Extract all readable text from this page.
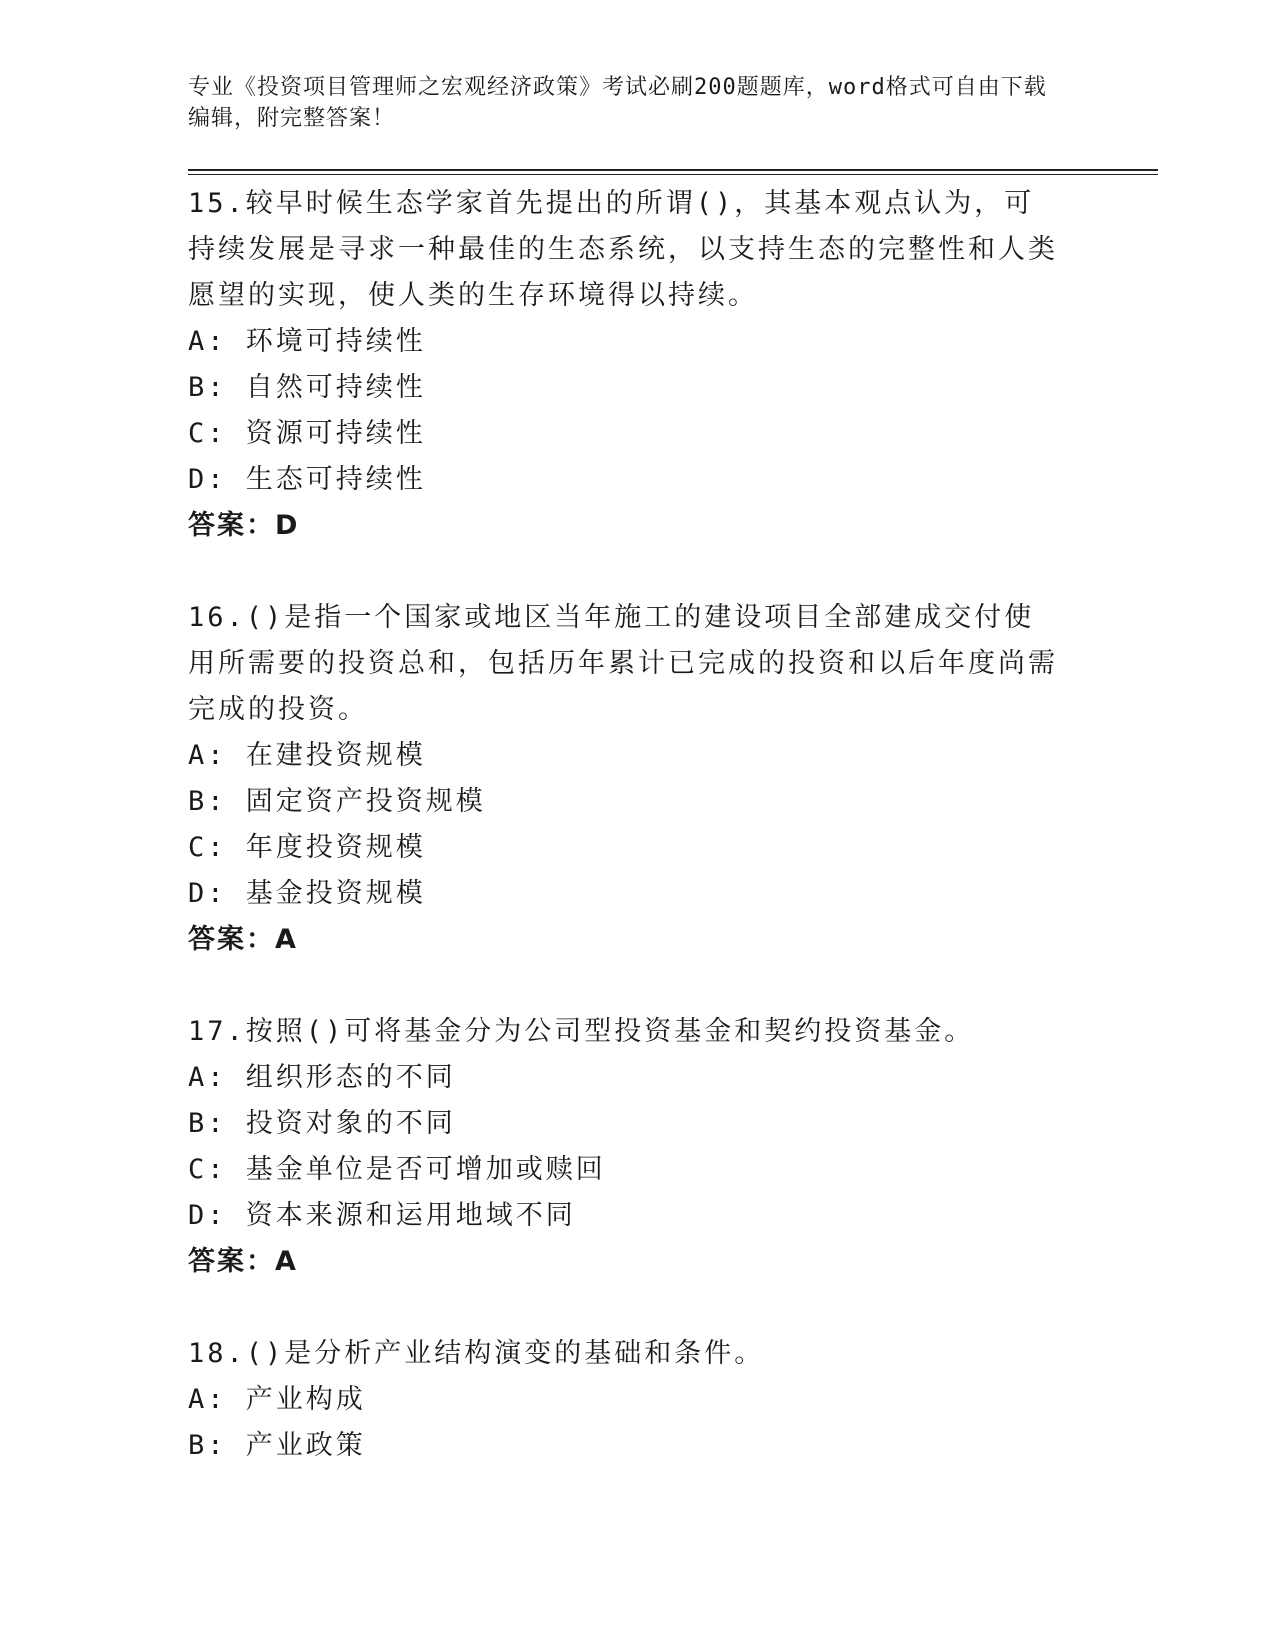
专业《投资项目管理师之宏观经济政策》考试必刷200题题库，word格式可自由下载编辑，附完整答案！

15.较早时候生态学家首先提出的所谓()，其基本观点认为，可持续发展是寻求一种最佳的生态系统，以支持生态的完整性和人类愿望的实现，使人类的生存环境得以持续。

A: 环境可持续性

B: 自然可持续性

C: 资源可持续性

D: 生态可持续性

答案：D

16.()是指一个国家或地区当年施工的建设项目全部建成交付使用所需要的投资总和，包括历年累计已完成的投资和以后年度尚需完成的投资。

A: 在建投资规模

B: 固定资产投资规模

C: 年度投资规模

D: 基金投资规模

答案：A

17.按照()可将基金分为公司型投资基金和契约投资基金。

A: 组织形态的不同

B: 投资对象的不同

C: 基金单位是否可增加或赎回

D: 资本来源和运用地域不同

答案：A

18.()是分析产业结构演变的基础和条件。

A: 产业构成

B: 产业政策
